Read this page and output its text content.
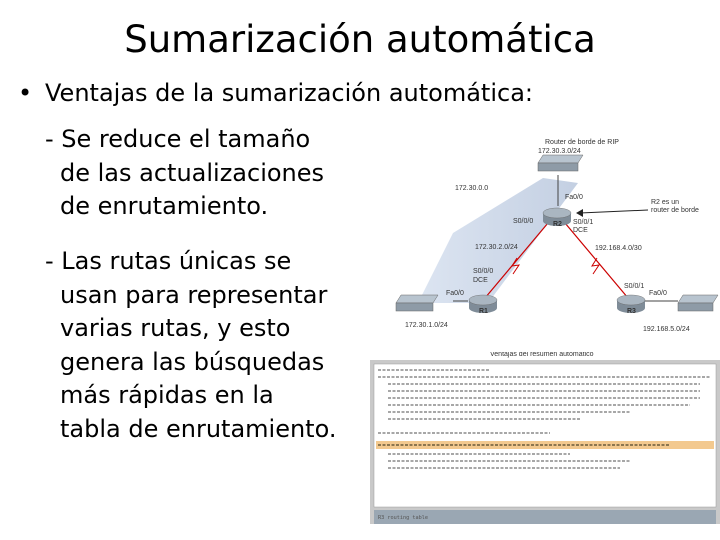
Sumarización automática
• Ventajas de la sumarización automática:
- Se reduce el tamaño
de las actualizaciones
de enrutamiento.
- Las rutas únicas se
usan para representar
varias rutas, y esto
genera las búsquedas
más rápidas en la
tabla de enrutamiento.
Router de borde de RIP
172.30.3.0/24
172.30.0.0
Fa0/0
S0/0/0	S0/0/1
DCE
R2
172.30.2.0/24	192.168.4.0/30
R2 es un
router de borde
S0/0/0
DCE
Fa0/0
R1
S0/0/1
Fa0/0
R3
172.30.1.0/24
192.168.5.0/24
Ventajas del resumen automático
R3 routing table
